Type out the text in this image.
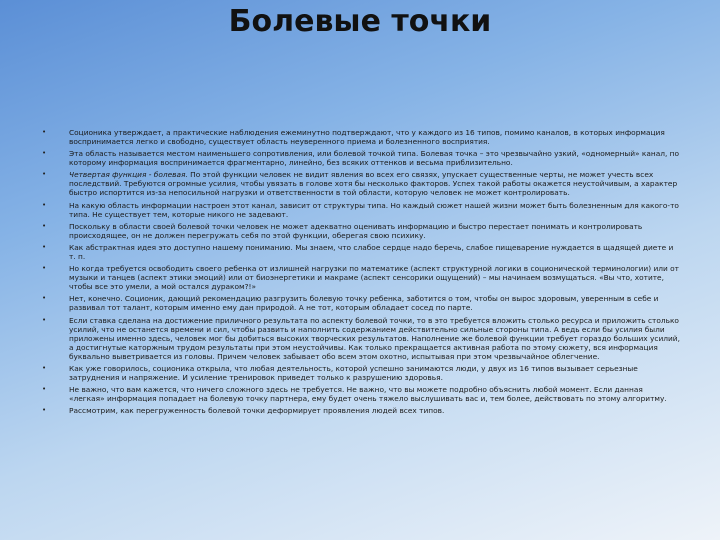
Болевые точки
•	Соционика утверждает, а практические наблюдения ежеминутно подтверждают, что у каждого из 16 типов, помимо каналов, в которых информация воспринимается легко и свободно, существует область неуверенного приема и болезненного восприятия.
•	Эта область называется местом наименьшего сопротивления, или болевой точкой типа. Болевая точка – это чрезвычайно узкий, «одномерный» канал, по которому информация воспринимается фрагментарно, линейно, без всяких оттенков и весьма приблизительно.
•	Четвертая функция - болевая. По этой функции человек не видит явления во всех его связях, упускает существенные черты, не может учесть всех последствий. Требуются огромные усилия, чтобы увязать в голове хотя бы несколько факторов. Успех такой работы окажется неустойчивым, а характер быстро испортится из-за непосильной нагрузки и ответственности в той области, которую человек не может контролировать.
•	На какую область информации настроен этот канал, зависит от структуры типа. Но каждый сюжет нашей жизни может быть болезненным для какого-то типа. Не существует тем, которые никого не задевают.
•	Поскольку в области своей болевой точки человек не может адекватно оценивать информацию и быстро перестает понимать и контролировать происходящее, он не должен перегружать себя по этой функции, оберегая свою психику.
•	Как абстрактная идея это доступно нашему пониманию. Мы знаем, что слабое сердце надо беречь, слабое пищеварение нуждается в щадящей диете и т. п.
•	Но когда требуется освободить своего ребенка от излишней нагрузки по математике (аспект структурной логики в соционической терминологии) или от музыки и танцев (аспект этики эмоций) или от биоэнергетики и макраме (аспект сенсорики ощущений) – мы начинаем возмущаться. «Вы что, хотите, чтобы все это умели, а мой остался дураком?!»
•	Нет, конечно. Соционик, дающий рекомендацию разгрузить болевую точку ребенка, заботится о том, чтобы он вырос здоровым, уверенным в себе и развивал тот талант, которым именно ему дан природой. А не тот, которым обладает сосед по парте.
•	Если ставка сделана на достижение приличного результата по аспекту болевой точки, то в это требуется вложить столько ресурса и приложить столько усилий, что не останется времени и сил, чтобы развить и наполнить содержанием действительно сильные стороны типа. А ведь если бы усилия были приложены именно здесь, человек мог бы добиться высоких творческих результатов. Наполнение же болевой функции требует гораздо больших усилий, а достигнутые каторжным трудом результаты при этом неустойчивы. Как только прекращается активная работа по этому сюжету, вся информация буквально выветривается из головы. Причем человек забывает обо всем этом охотно, испытывая при этом чрезвычайное облегчение.
•	Как уже говорилось, соционика открыла, что любая деятельность, которой успешно занимаются люди, у двух из 16 типов вызывает серьезные затруднения и напряжение. И усиление тренировок приведет только к разрушению здоровья.
•	Не важно, что вам кажется, что ничего сложного здесь не требуется. Не важно, что вы можете подробно объяснить любой момент. Если данная «легкая» информация попадает на болевую точку партнера, ему будет очень тяжело выслушивать вас и, тем более, действовать по этому алгоритму.
•	Рассмотрим, как перегруженность болевой точки деформирует проявления людей всех типов.
